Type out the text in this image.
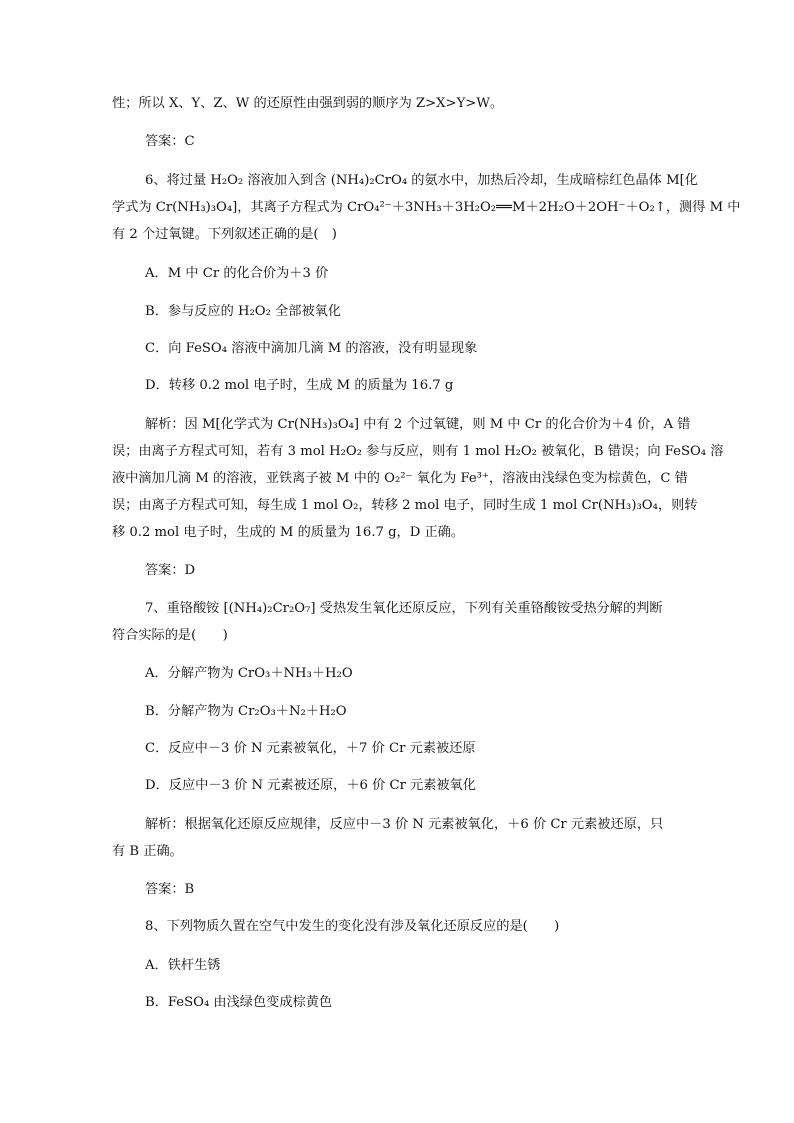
性；所以 X、Y、Z、W 的还原性由强到弱的顺序为 Z>X>Y>W。
答案：C
6、将过量 H₂O₂ 溶液加入到含 (NH₄)₂CrO₄ 的氨水中，加热后冷却，生成暗棕红色晶体 M[化
学式为 Cr(NH₃)₃O₄]，其离子方程式为 CrO₄²⁻＋3NH₃＋3H₂O₂══M＋2H₂O＋2OH⁻＋O₂↑，测得 M 中
有 2 个过氧键。下列叙述正确的是(　)
A．M 中 Cr 的化合价为＋3 价
B．参与反应的 H₂O₂ 全部被氧化
C．向 FeSO₄ 溶液中滴加几滴 M 的溶液，没有明显现象
D．转移 0.2 mol 电子时，生成 M 的质量为 16.7 g
解析：因 M[化学式为 Cr(NH₃)₃O₄] 中有 2 个过氧键，则 M 中 Cr 的化合价为＋4 价，A 错
误；由离子方程式可知，若有 3 mol H₂O₂ 参与反应，则有 1 mol H₂O₂ 被氧化，B 错误；向 FeSO₄ 溶
液中滴加几滴 M 的溶液，亚铁离子被 M 中的 O₂²⁻ 氧化为 Fe³⁺，溶液由浅绿色变为棕黄色，C 错
误；由离子方程式可知，每生成 1 mol O₂，转移 2 mol 电子，同时生成 1 mol Cr(NH₃)₃O₄，则转
移 0.2 mol 电子时，生成的 M 的质量为 16.7 g，D 正确。
答案：D
7、重铬酸铵 [(NH₄)₂Cr₂O₇] 受热发生氧化还原反应，下列有关重铬酸铵受热分解的判断
符合实际的是(　　)
A．分解产物为 CrO₃＋NH₃＋H₂O
B．分解产物为 Cr₂O₃＋N₂＋H₂O
C．反应中－3 价 N 元素被氧化，＋7 价 Cr 元素被还原
D．反应中－3 价 N 元素被还原，＋6 价 Cr 元素被氧化
解析：根据氧化还原反应规律，反应中－3 价 N 元素被氧化，＋6 价 Cr 元素被还原，只
有 B 正确。
答案：B
8、下列物质久置在空气中发生的变化没有涉及氧化还原反应的是(　　)
A．铁杆生锈
B．FeSO₄ 由浅绿色变成棕黄色
